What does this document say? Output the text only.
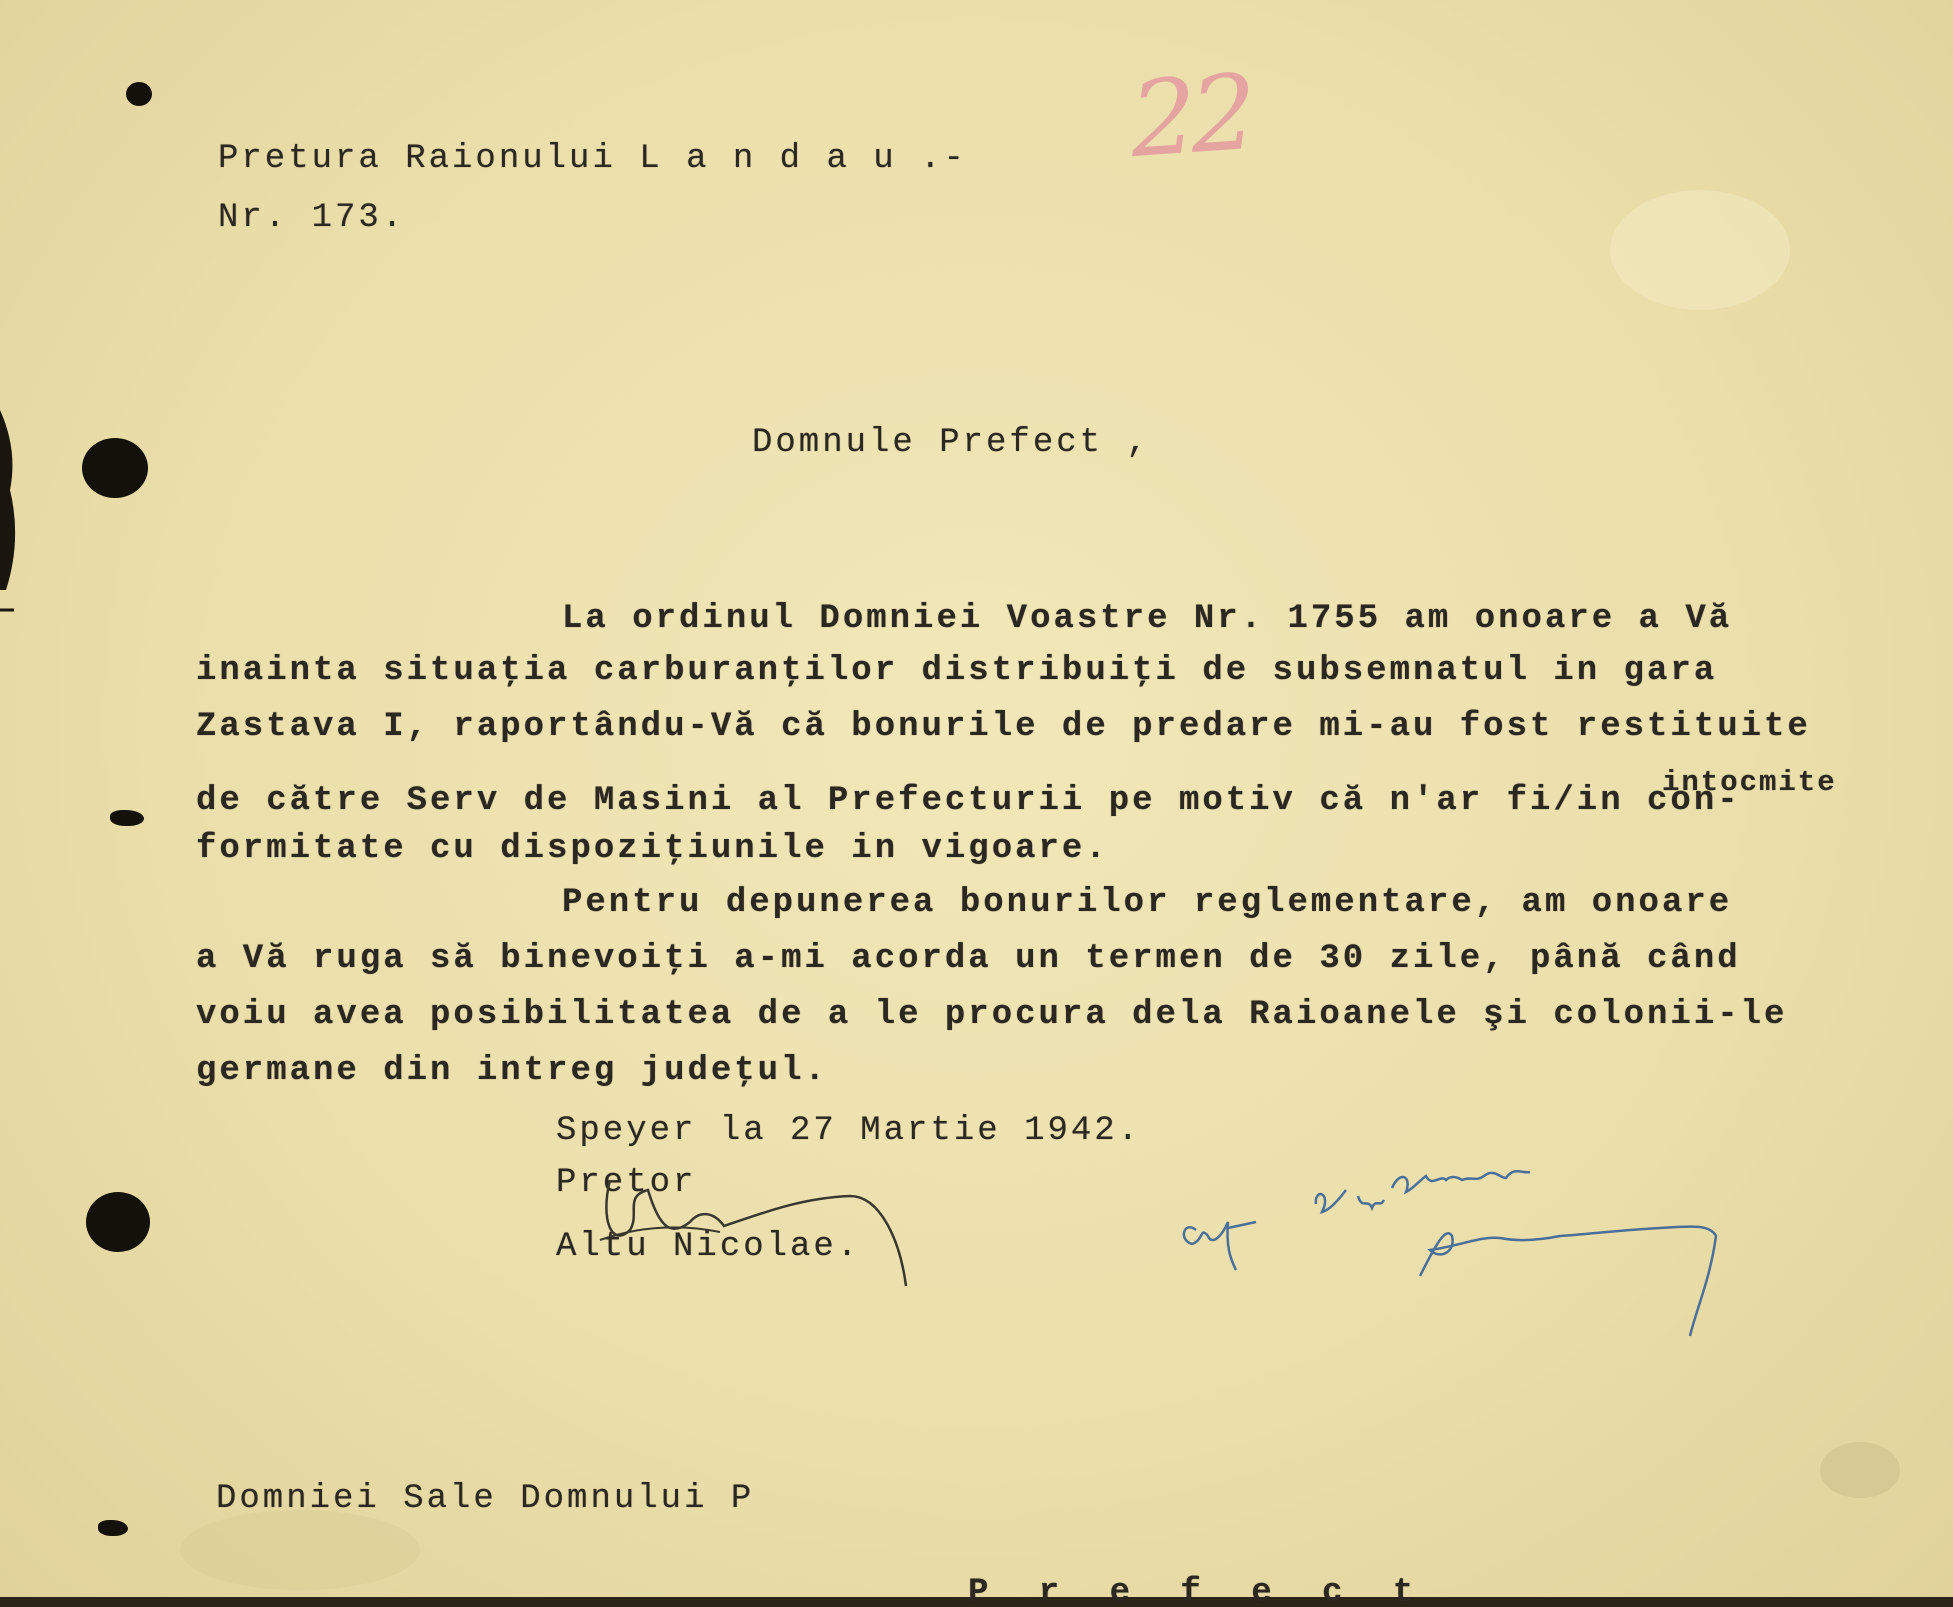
22
Pretura Raionului L a n d a u .-
Nr. 173.
Domnule Prefect ,
La ordinul Domniei Voastre Nr. 1755 am onoare a Vă
inainta situaţia carburanţilor distribuiţi de subsemnatul in gara
Zastava I, raportându-Vă că bonurile de predare mi-au fost restituite
intocmite
de către Serv de Masini al Prefecturii pe motiv că n'ar fi/in con-
formitate cu dispoziţiunile in vigoare.
Pentru depunerea bonurilor reglementare, am onoare
a Vă ruga să binevoiţi a-mi acorda un termen de 30 zile, până când
voiu avea posibilitatea de a le procura dela Raioanele şi colonii-le
germane din intreg judeţul.
Speyer la 27 Martie 1942.
Pretor
Altu Nicolae.
Domniei Sale Domnului P
P r e f e c t
